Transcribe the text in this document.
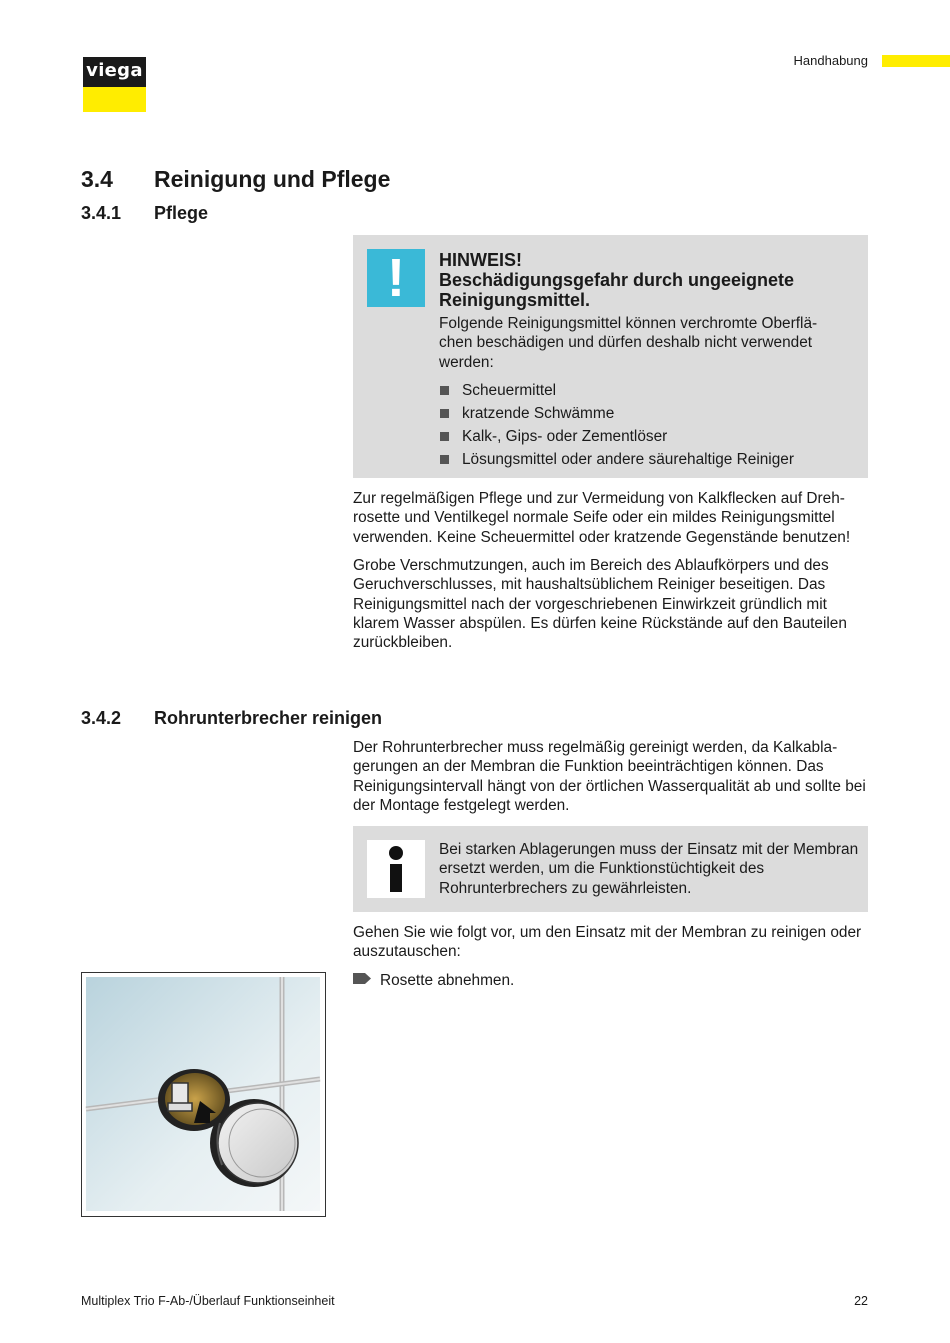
viega	Handhabung
3.4 Reinigung und Pflege
3.4.1 Pflege
!	HINWEIS!
Beschädigungsgefahr durch ungeeignete Reinigungsmittel.
Folgende Reinigungsmittel können verchromte Oberflächen beschädigen und dürfen deshalb nicht verwendet werden:
Scheuermittel
kratzende Schwämme
Kalk-, Gips- oder Zementlöser
Lösungsmittel oder andere säurehaltige Reiniger
Zur regelmäßigen Pflege und zur Vermeidung von Kalkflecken auf Drehrosette und Ventilkegel normale Seife oder ein mildes Reinigungsmittel verwenden. Keine Scheuermittel oder kratzende Gegenstände benutzen!
Grobe Verschmutzungen, auch im Bereich des Ablaufkörpers und des Geruchverschlusses, mit haushaltsüblichem Reiniger beseitigen. Das Reinigungsmittel nach der vorgeschriebenen Einwirkzeit gründlich mit klarem Wasser abspülen. Es dürfen keine Rückstände auf den Bauteilen zurückbleiben.
3.4.2 Rohrunterbrecher reinigen
Der Rohrunterbrecher muss regelmäßig gereinigt werden, da Kalkablagerungen an der Membran die Funktion beeinträchtigen können. Das Reinigungsintervall hängt von der örtlichen Wasserqualität ab und sollte bei der Montage festgelegt werden.
Bei starken Ablagerungen muss der Einsatz mit der Membran ersetzt werden, um die Funktionstüchtigkeit des Rohrunterbrechers zu gewährleisten.
Gehen Sie wie folgt vor, um den Einsatz mit der Membran zu reinigen oder auszutauschen:
Rosette abnehmen.
Multiplex Trio F-Ab-/Überlauf Funktionseinheit	22
